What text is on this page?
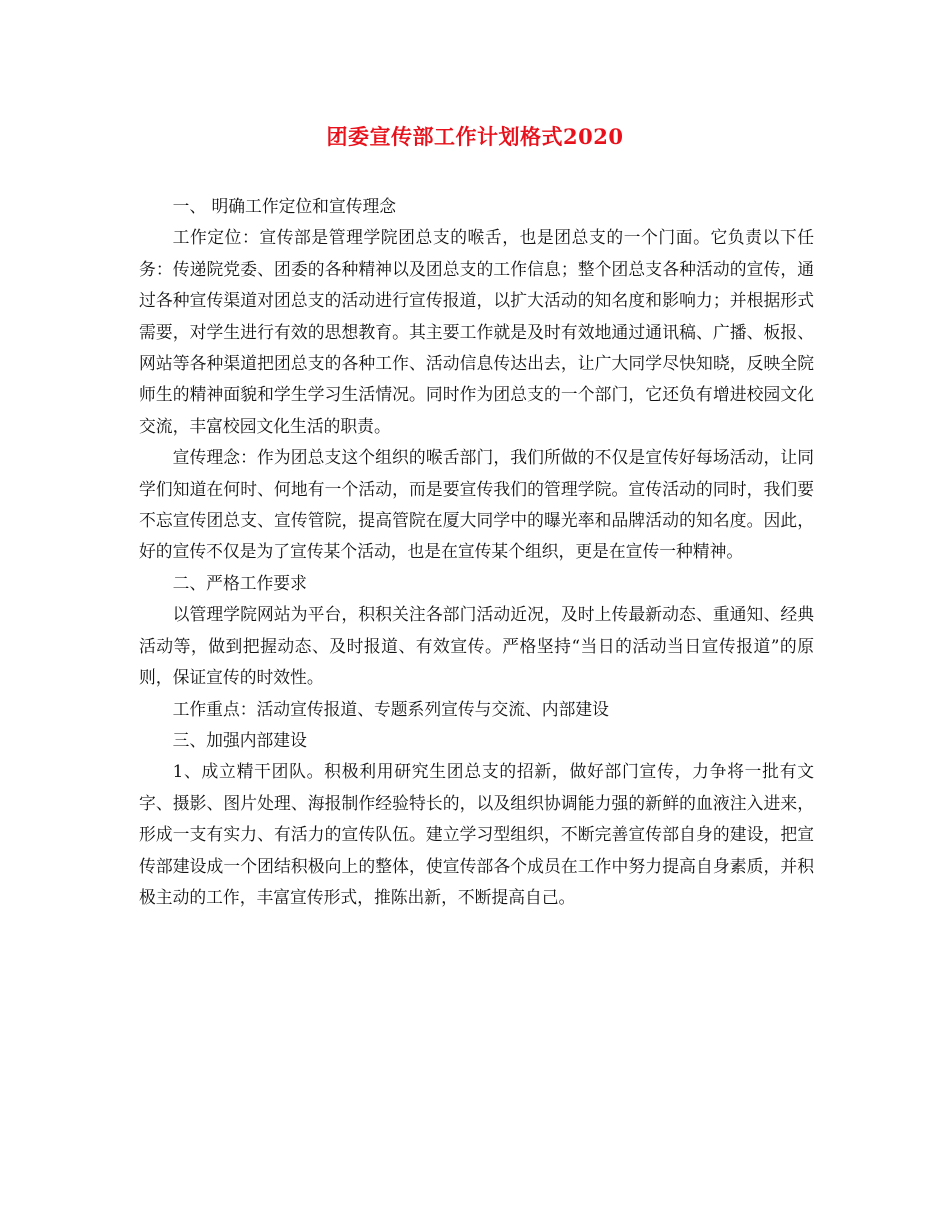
团委宣传部工作计划格式2020

一、 明确工作定位和宣传理念

工作定位：宣传部是管理学院团总支的喉舌，也是团总支的一个门面。它负责以下任务：传递院党委、团委的各种精神以及团总支的工作信息；整个团总支各种活动的宣传，通过各种宣传渠道对团总支的活动进行宣传报道，以扩大活动的知名度和影响力；并根据形式需要，对学生进行有效的思想教育。其主要工作就是及时有效地通过通讯稿、广播、板报、网站等各种渠道把团总支的各种工作、活动信息传达出去，让广大同学尽快知晓，反映全院师生的精神面貌和学生学习生活情况。同时作为团总支的一个部门，它还负有增进校园文化交流，丰富校园文化生活的职责。

宣传理念：作为团总支这个组织的喉舌部门，我们所做的不仅是宣传好每场活动，让同学们知道在何时、何地有一个活动，而是要宣传我们的管理学院。宣传活动的同时，我们要不忘宣传团总支、宣传管院，提高管院在厦大同学中的曝光率和品牌活动的知名度。因此，好的宣传不仅是为了宣传某个活动，也是在宣传某个组织，更是在宣传一种精神。

二、严格工作要求

以管理学院网站为平台，积积关注各部门活动近况，及时上传最新动态、重通知、经典活动等，做到把握动态、及时报道、有效宣传。严格坚持“当日的活动当日宣传报道”的原则，保证宣传的时效性。

工作重点：活动宣传报道、专题系列宣传与交流、内部建设

三、加强内部建设

1、成立精干团队。积极利用研究生团总支的招新，做好部门宣传，力争将一批有文字、摄影、图片处理、海报制作经验特长的，以及组织协调能力强的新鲜的血液注入进来，形成一支有实力、有活力的宣传队伍。建立学习型组织，不断完善宣传部自身的建设，把宣传部建设成一个团结积极向上的整体，使宣传部各个成员在工作中努力提高自身素质，并积极主动的工作，丰富宣传形式，推陈出新，不断提高自己。
